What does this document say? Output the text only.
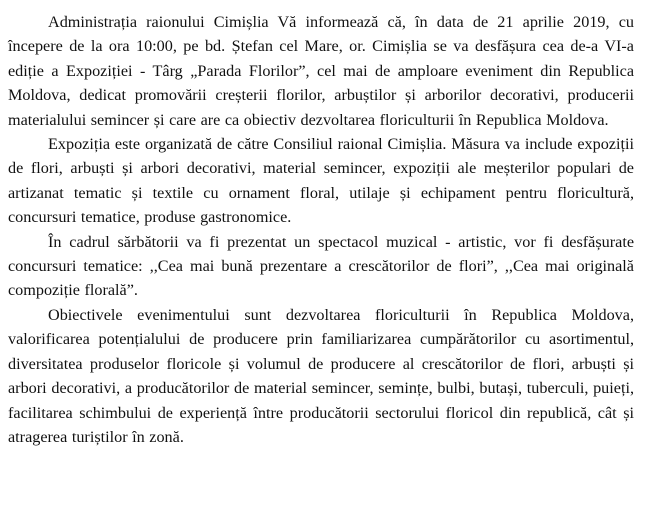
Administrația raionului Cimișlia Vă informează că, în data de 21 aprilie 2019, cu începere de la ora 10:00, pe bd. Ștefan cel Mare, or. Cimișlia se va desfășura cea de-a VI-a ediție a Expoziției - Târg „Parada Florilor”, cel mai de amploare eveniment din Republica Moldova, dedicat promovării creșterii florilor, arbuștilor și arborilor decorativi, producerii materialului semincer și care are ca obiectiv dezvoltarea floriculturii în Republica Moldova.

Expoziția este organizată de către Consiliul raional Cimișlia. Măsura va include expoziții de flori, arbuști și arbori decorativi, material semincer, expoziții ale meșterilor populari de artizanat tematic și textile cu ornament floral, utilaje și echipament pentru floricultură, concursuri tematice, produse gastronomice.

În cadrul sărbătorii va fi prezentat un spectacol muzical - artistic, vor fi desfășurate concursuri tematice: ,,Cea mai bună prezentare a crescătorilor de flori”, ,,Cea mai originală compoziție florală”.

Obiectivele evenimentului sunt dezvoltarea floriculturii în Republica Moldova, valorificarea potențialului de producere prin familiarizarea cumpărătorilor cu asortimentul, diversitatea produselor floricole și volumul de producere al crescătorilor de flori, arbuști și arbori decorativi, a producătorilor de material semincer, semințe, bulbi, butași, tuberculi, puieți, facilitarea schimbului de experiență între producătorii sectorului floricol din republică, cât și atragerea turiștilor în zonă.
